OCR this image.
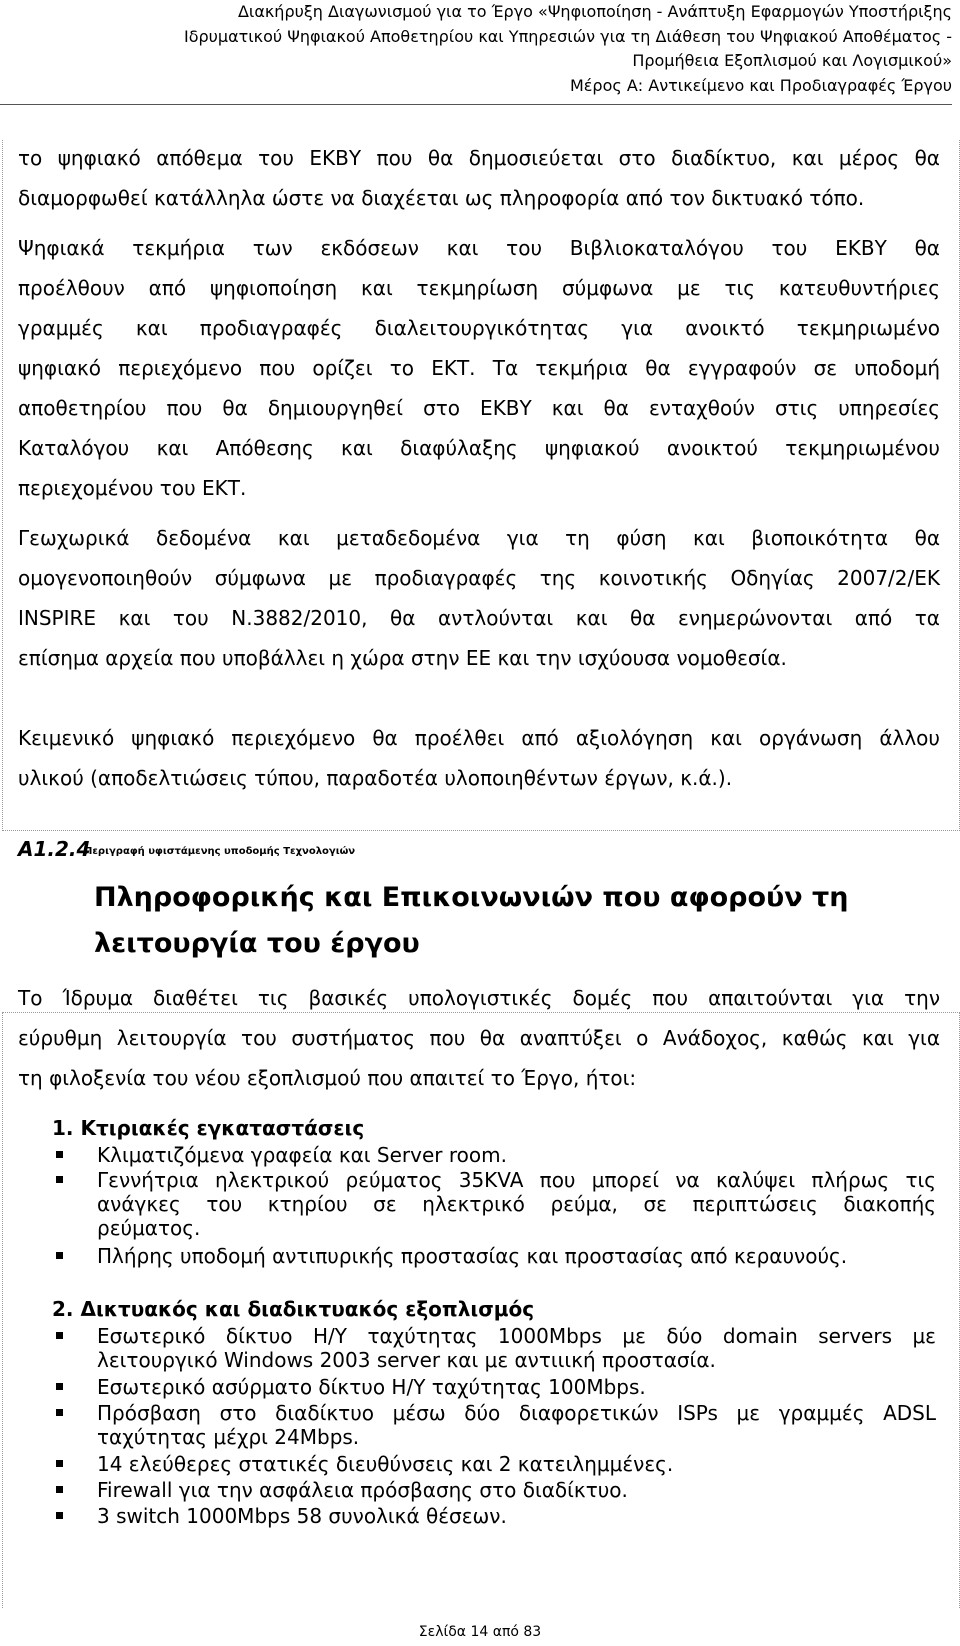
Διακήρυξη Διαγωνισμού για το Έργο «Ψηφιοποίηση - Ανάπτυξη Εφαρμογών Υποστήριξης
Ιδρυματικού Ψηφιακού Αποθετηρίου και Υπηρεσιών για τη Διάθεση του Ψηφιακού Αποθέματος -
Προμήθεια Εξοπλισμού και Λογισμικού»
Μέρος Α: Αντικείμενο και Προδιαγραφές Έργου
το ψηφιακό απόθεμα του ΕΚΒΥ που θα δημοσιεύεται στο διαδίκτυο, και μέρος θα
διαμορφωθεί κατάλληλα ώστε να διαχέεται ως πληροφορία από τον δικτυακό τόπο.
Ψηφιακά τεκμήρια των εκδόσεων και του Βιβλιοκαταλόγου του ΕΚΒΥ θα
προέλθουν από ψηφιοποίηση και τεκμηρίωση σύμφωνα με τις κατευθυντήριες
γραμμές και προδιαγραφές διαλειτουργικότητας για ανοικτό τεκμηριωμένο
ψηφιακό περιεχόμενο που ορίζει το ΕΚΤ. Τα τεκμήρια θα εγγραφούν σε υποδομή
αποθετηρίου που θα δημιουργηθεί στο ΕΚΒΥ και θα ενταχθούν στις υπηρεσίες
Καταλόγου και Απόθεσης και διαφύλαξης ψηφιακού ανοικτού τεκμηριωμένου
περιεχομένου του ΕΚΤ.
Γεωχωρικά δεδομένα και μεταδεδομένα για τη φύση και βιοποικότητα θα
ομογενοποιηθούν σύμφωνα με προδιαγραφές της κοινοτικής Οδηγίας 2007/2/ΕΚ
INSPIRE και του Ν.3882/2010, θα αντλούνται και θα ενημερώνονται από τα
επίσημα αρχεία που υποβάλλει η χώρα στην ΕΕ και την ισχύουσα νομοθεσία.
Κειμενικό ψηφιακό περιεχόμενο θα προέλθει από αξιολόγηση και οργάνωση άλλου
υλικού (αποδελτιώσεις τύπου, παραδοτέα υλοποιηθέντων έργων, κ.ά.).
Α1.2.4
Περιγραφή υφιστάμενης υποδομής Τεχνολογιών
Πληροφορικής και Επικοινωνιών που αφορούν τη
λειτουργία του έργου
Το Ίδρυμα διαθέτει τις βασικές υπολογιστικές δομές που απαιτούνται για την
εύρυθμη λειτουργία του συστήματος που θα αναπτύξει ο Ανάδοχος, καθώς και για
τη φιλοξενία του νέου εξοπλισμού που απαιτεί το Έργο, ήτοι:
1. Κτιριακές εγκαταστάσεις
Κλιματιζόμενα γραφεία και Server room.
Γεννήτρια ηλεκτρικού ρεύματος 35KVA που μπορεί να καλύψει πλήρως τις
ανάγκες του κτηρίου σε ηλεκτρικό ρεύμα, σε περιπτώσεις διακοπής
ρεύματος.
Πλήρης υποδομή αντιπυρικής προστασίας και προστασίας από κεραυνούς.
2. Δικτυακός και διαδικτυακός εξοπλισμός
Εσωτερικό δίκτυο Η/Υ ταχύτητας 1000Mbps με δύο domain servers με
λειτουργικό Windows 2003 server και με αντιιική προστασία.
Εσωτερικό ασύρματο δίκτυο Η/Υ ταχύτητας 100Mbps.
Πρόσβαση στο διαδίκτυο μέσω δύο διαφορετικών ISPs με γραμμές ADSL
ταχύτητας μέχρι 24Mbps.
14 ελεύθερες στατικές διευθύνσεις και 2 κατειλημμένες.
Firewall για την ασφάλεια πρόσβασης στο διαδίκτυο.
3 switch 1000Mbps 58 συνολικά θέσεων.
Σελίδα 14 από 83
